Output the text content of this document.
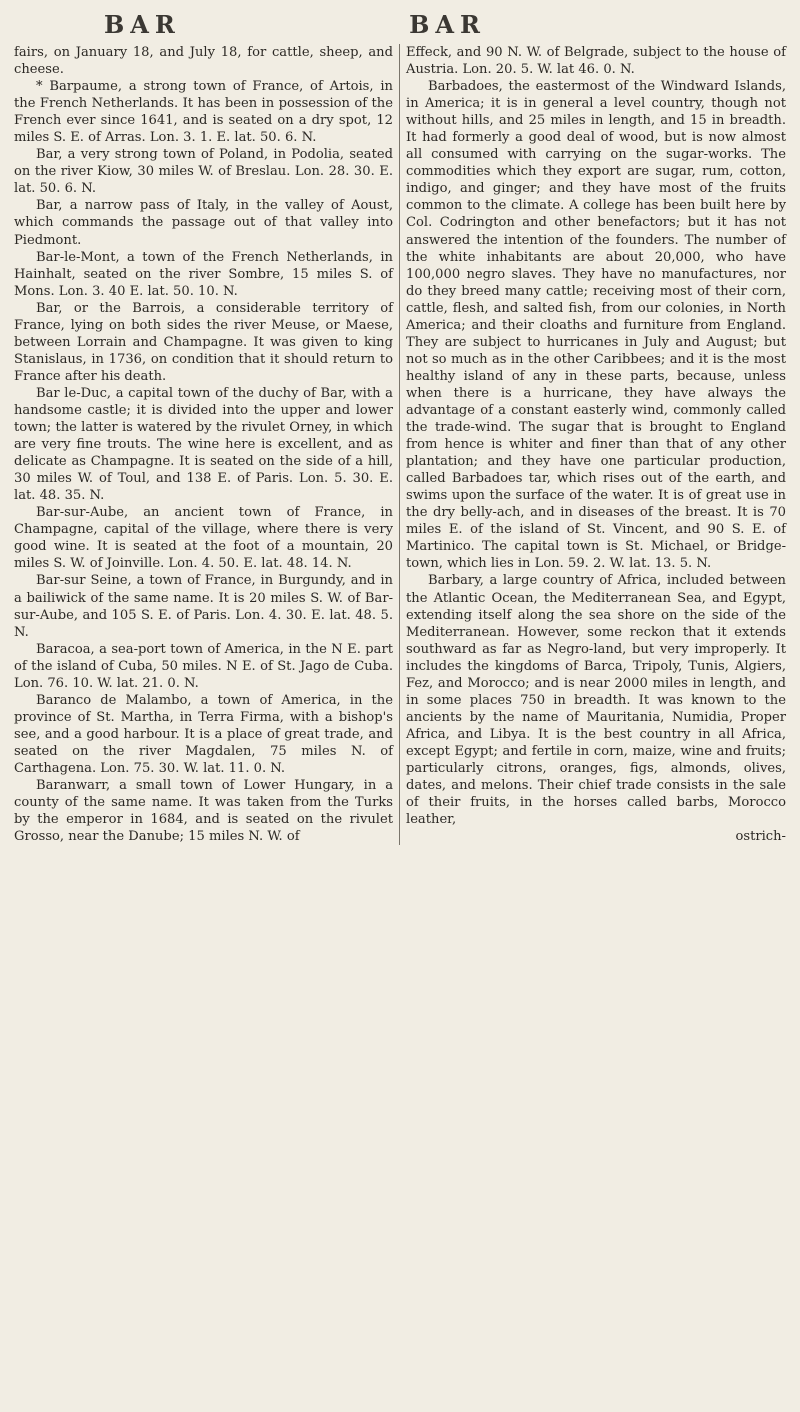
BAR	BAR

fairs, on January 18, and July 18, for cattle, sheep, and cheese.

* Barpaume, a strong town of France, of Artois, in the French Netherlands. It has been in possession of the French ever since 1641, and is seated on a dry spot, 12 miles S. E. of Arras. Lon. 3. 1. E. lat. 50. 6. N.

Bar, a very strong town of Poland, in Podolia, seated on the river Kiow, 30 miles W. of Breslau. Lon. 28. 30. E. lat. 50. 6. N.

Bar, a narrow pass of Italy, in the valley of Aoust, which commands the passage out of that valley into Piedmont.

Bar-le-Mont, a town of the French Netherlands, in Hainhalt, seated on the river Sombre, 15 miles S. of Mons. Lon. 3. 40 E. lat. 50. 10. N.

Bar, or the Barrois, a considerable territory of France, lying on both sides the river Meuse, or Maese, between Lorrain and Champagne. It was given to king Stanislaus, in 1736, on condition that it should return to France after his death.

Bar le-Duc, a capital town of the duchy of Bar, with a handsome castle; it is divided into the upper and lower town; the latter is watered by the rivulet Orney, in which are very fine trouts. The wine here is excellent, and as delicate as Champagne. It is seated on the side of a hill, 30 miles W. of Toul, and 138 E. of Paris. Lon. 5. 30. E. lat. 48. 35. N.

Bar-sur-Aube, an ancient town of France, in Champagne, capital of the village, where there is very good wine. It is seated at the foot of a mountain, 20 miles S. W. of Joinville. Lon. 4. 50. E. lat. 48. 14. N.

Bar-sur Seine, a town of France, in Burgundy, and in a bailiwick of the same name. It is 20 miles S. W. of Bar-sur-Aube, and 105 S. E. of Paris. Lon. 4. 30. E. lat. 48. 5. N.

Baracoa, a sea-port town of America, in the N E. part of the island of Cuba, 50 miles. N E. of St. Jago de Cuba. Lon. 76. 10. W. lat. 21. 0. N.

Baranco de Malambo, a town of America, in the province of St. Martha, in Terra Firma, with a bishop's see, and a good harbour. It is a place of great trade, and seated on the river Magdalen, 75 miles N. of Carthagena. Lon. 75. 30. W. lat. 11. 0. N.

Baranwarr, a small town of Lower Hungary, in a county of the same name. It was taken from the Turks by the emperor in 1684, and is seated on the rivulet Grosso, near the Danube; 15 miles N. W. of

Effeck, and 90 N. W. of Belgrade, subject to the house of Austria. Lon. 20. 5. W. lat 46. 0. N.

Barbadoes, the eastermost of the Windward Islands, in America; it is in general a level country, though not without hills, and 25 miles in length, and 15 in breadth. It had formerly a good deal of wood, but is now almost all consumed with carrying on the sugar-works. The commodities which they export are sugar, rum, cotton, indigo, and ginger; and they have most of the fruits common to the climate. A college has been built here by Col. Codrington and other benefactors; but it has not answered the intention of the founders. The number of the white inhabitants are about 20,000, who have 100,000 negro slaves. They have no manufactures, nor do they breed many cattle; receiving most of their corn, cattle, flesh, and salted fish, from our colonies, in North America; and their cloaths and furniture from England. They are subject to hurricanes in July and August; but not so much as in the other Caribbees; and it is the most healthy island of any in these parts, because, unless when there is a hurricane, they have always the advantage of a constant easterly wind, commonly called the trade-wind. The sugar that is brought to England from hence is whiter and finer than that of any other plantation; and they have one particular production, called Barbadoes tar, which rises out of the earth, and swims upon the surface of the water. It is of great use in the dry belly-ach, and in diseases of the breast. It is 70 miles E. of the island of St. Vincent, and 90 S. E. of Martinico. The capital town is St. Michael, or Bridge-town, which lies in Lon. 59. 2. W. lat. 13. 5. N.

Barbary, a large country of Africa, included between the Atlantic Ocean, the Mediterranean Sea, and Egypt, extending itself along the sea shore on the side of the Mediterranean. However, some reckon that it extends southward as far as Negro-land, but very improperly. It includes the kingdoms of Barca, Tripoly, Tunis, Algiers, Fez, and Morocco; and is near 2000 miles in length, and in some places 750 in breadth. It was known to the ancients by the name of Mauritania, Numidia, Proper Africa, and Libya. It is the best country in all Africa, except Egypt; and fertile in corn, maize, wine and fruits; particularly citrons, oranges, figs, almonds, olives, dates, and melons. Their chief trade consists in the sale of their fruits, in the horses called barbs, Morocco leather,

ostrich-
